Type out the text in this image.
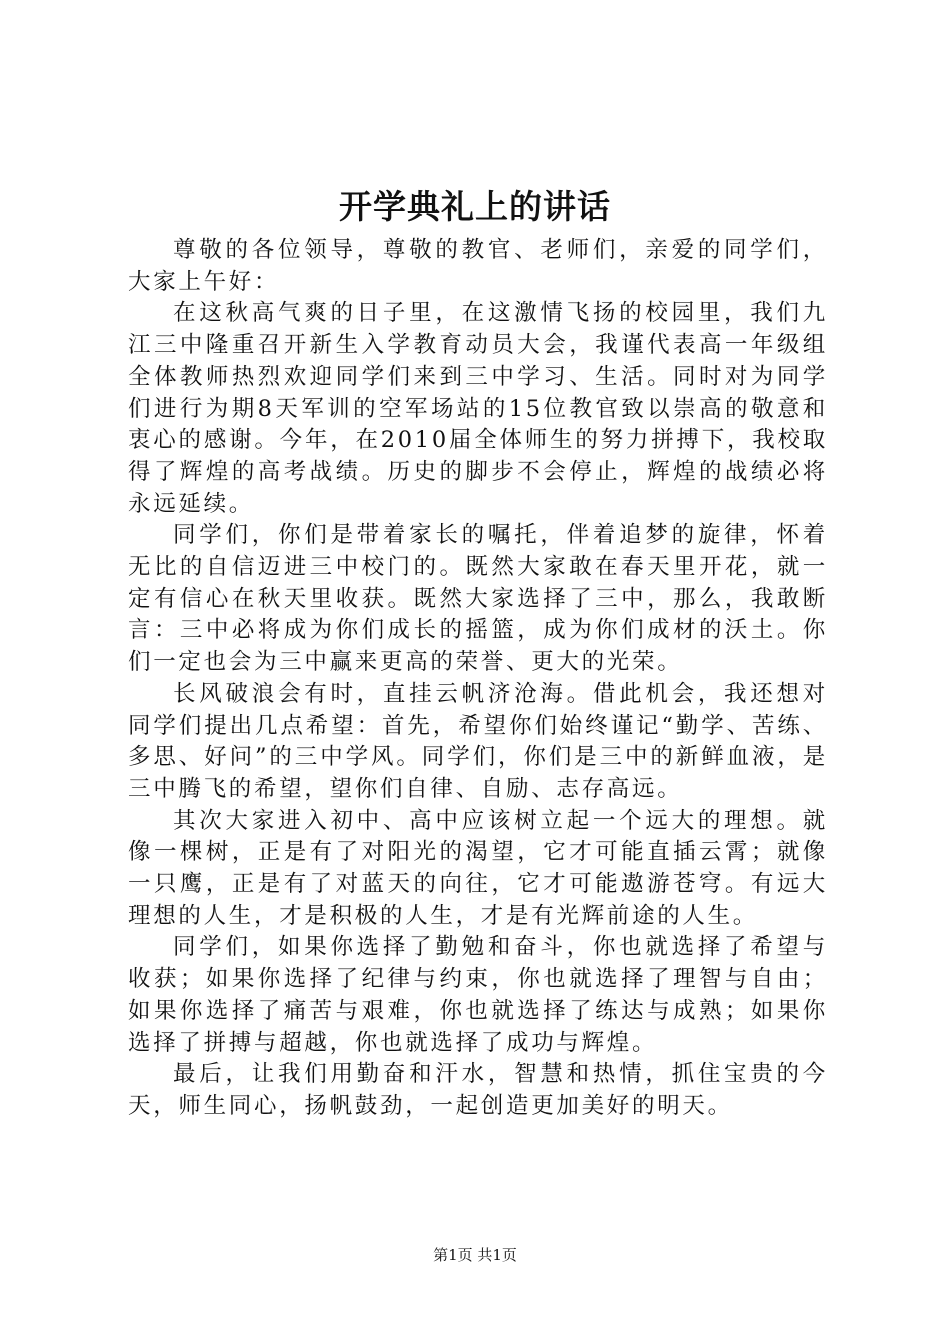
开学典礼上的讲话

尊敬的各位领导，尊敬的教官、老师们，亲爱的同学们，大家上午好：

在这秋高气爽的日子里，在这激情飞扬的校园里，我们九江三中隆重召开新生入学教育动员大会，我谨代表高一年级组全体教师热烈欢迎同学们来到三中学习、生活。同时对为同学们进行为期8天军训的空军场站的15位教官致以崇高的敬意和衷心的感谢。今年，在2010届全体师生的努力拼搏下，我校取得了辉煌的高考战绩。历史的脚步不会停止，辉煌的战绩必将永远延续。

同学们，你们是带着家长的嘱托，伴着追梦的旋律，怀着无比的自信迈进三中校门的。既然大家敢在春天里开花，就一定有信心在秋天里收获。既然大家选择了三中，那么，我敢断言：三中必将成为你们成长的摇篮，成为你们成材的沃土。你们一定也会为三中赢来更高的荣誉、更大的光荣。

长风破浪会有时，直挂云帆济沧海。借此机会，我还想对同学们提出几点希望：首先，希望你们始终谨记“勤学、苦练、多思、好问”的三中学风。同学们，你们是三中的新鲜血液，是三中腾飞的希望，望你们自律、自励、志存高远。

其次大家进入初中、高中应该树立起一个远大的理想。就像一棵树，正是有了对阳光的渴望，它才可能直插云霄；就像一只鹰，正是有了对蓝天的向往，它才可能遨游苍穹。有远大理想的人生，才是积极的人生，才是有光辉前途的人生。

同学们，如果你选择了勤勉和奋斗，你也就选择了希望与收获；如果你选择了纪律与约束，你也就选择了理智与自由；如果你选择了痛苦与艰难，你也就选择了练达与成熟；如果你选择了拼搏与超越，你也就选择了成功与辉煌。

最后，让我们用勤奋和汗水，智慧和热情，抓住宝贵的今天，师生同心，扬帆鼓劲，一起创造更加美好的明天。

第1页 共1页
